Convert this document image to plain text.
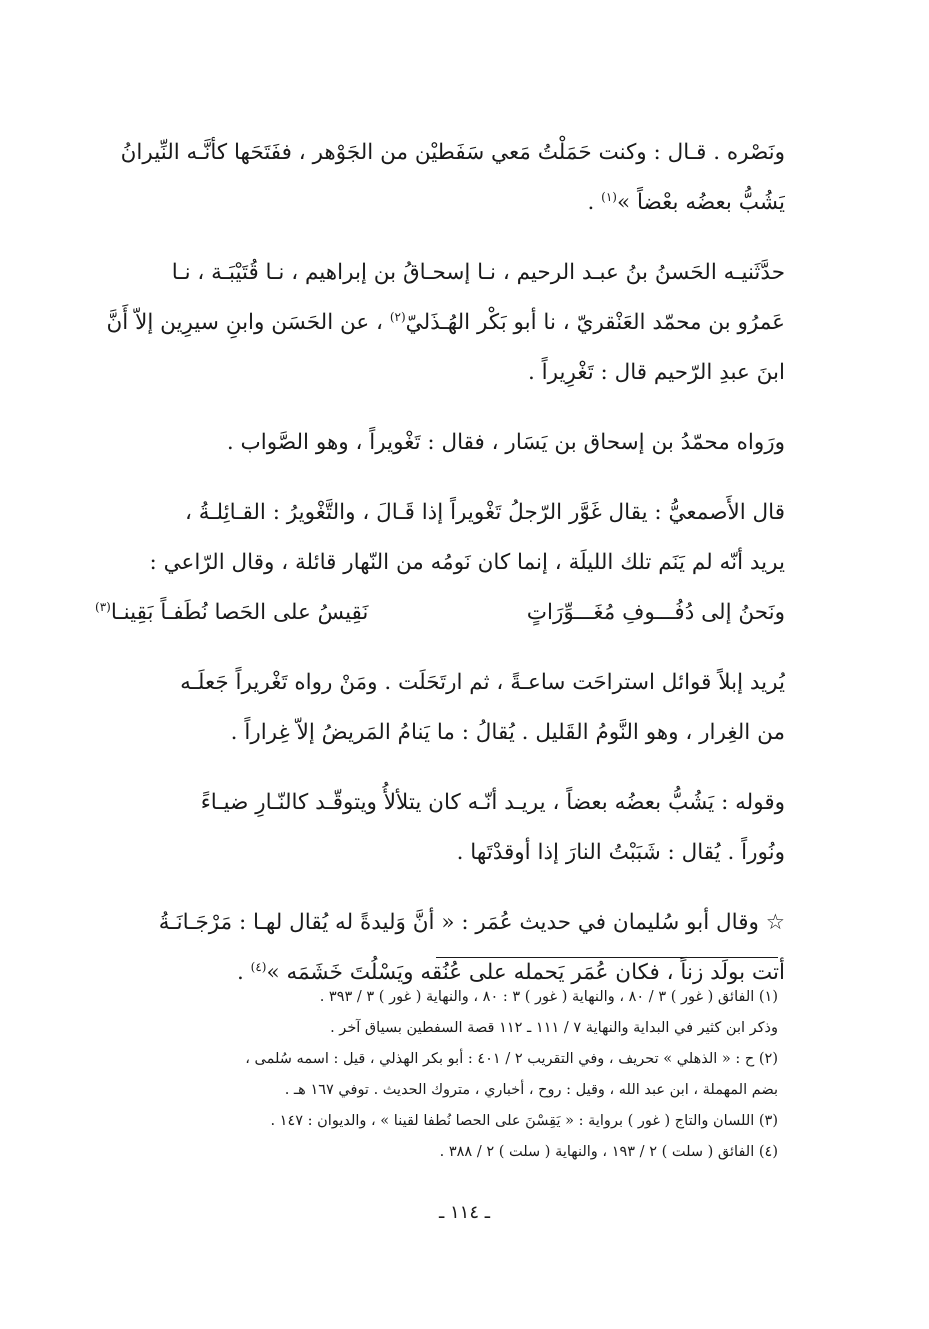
ونَصْره . قـال : وكنت حَمَلْتُ مَعي سَفَطيْن من الجَوْهر ، ففَتَحَها كأنَّـه النِّيرانُ
يَشُبُّ بعضُه بعْضاً »$^{(١)}$ .

حدَّثَنيـه الحَسنُ بنُ عبـد الرحيم ، نـا إسحـاقُ بن إبراهيم ، نـا قُتَيْبَـة ، نـا
عَمرُو بن محمّد العَنْقريّ ، نا أبو بَكْر الهُـذَليّ$^{(٢)}$ ، عن الحَسَن وابنِ سيرِين إلاّ أَنَّ
ابنَ عبدِ الرّحيم قال : تَغْرِيراً .

ورَواه محمّدُ بن إسحاق بن يَسَار ، فقال : تَغْويراً ، وهو الصَّواب .

قال الأَصمعيُّ : يقال غَوَّر الرّجلُ تَغْويراً إذا قَـالَ ، والتَّغْويرُ : القـائِلـةُ ،
يريد أنّه لم يَنَم تلك الليلَة ، إنما كان نَومُه من النّهار قائلة ، وقال الرّاعي :

ونَحنُ إلى دُفُـــوفِ مُغَـــوِّرَاتٍ
نَقِيسُ على الحَصا نُطَفـاً بَقِينـا$^{(٣)}$

يُريد إبلاً قوائل استراحَت ساعـةً ، ثم ارتَحَلَت . ومَنْ رواه تَغْريراً جَعلَـه
من الغِرار ، وهو النَّومُ القَليل . يُقالُ : ما يَنامُ المَريضُ إلاّ غِراراً .

وقوله : يَشُبُّ بعضُه بعضاً ، يريـد أنّـه كان يتلألأُ ويتوقّـد كالنّـارِ ضيـاءً
ونُوراً . يُقال : شَبَبْتُ النارَ إذا أوقدْتَها .

☆ وقال أبو سُليمان في حديث عُمَر : « أنَّ وَليدةً له يُقال لهـا : مَرْجَـانَـةُ
أتت بولَد زناً ، فكان عُمَر يَحمله على عُنُقه ويَسْلُتَ خَشَمَه »$^{(٤)}$ .

(١) الفائق ( غور ) ٣ / ٨٠ ، والنهاية ( غور ) ٣ : ٨٠ ، والنهاية ( غور ) ٣ / ٣٩٣ .
وذكر ابن كثير في البداية والنهاية ٧ / ١١١ ـ ١١٢ قصة السفطين بسياق آخر .
(٢) ح : « الذهلي » تحريف ، وفي التقريب ٢ / ٤٠١ : أبو بكر الهذلي ، قيل : اسمه سُلمى ،
بضم المهملة ، ابن عبد الله ، وقيل : روح ، أخباري ، متروك الحديث . توفي ١٦٧ هـ .
(٣) اللسان والتاج ( غور ) برواية : « يَقِسْنَ على الحصا نُطفا لقينا » ، والديوان : ١٤٧ .
(٤) الفائق ( سلت ) ٢ / ١٩٣ ، والنهاية ( سلت ) ٢ / ٣٨٨ .
ـ ١١٤ ـ
